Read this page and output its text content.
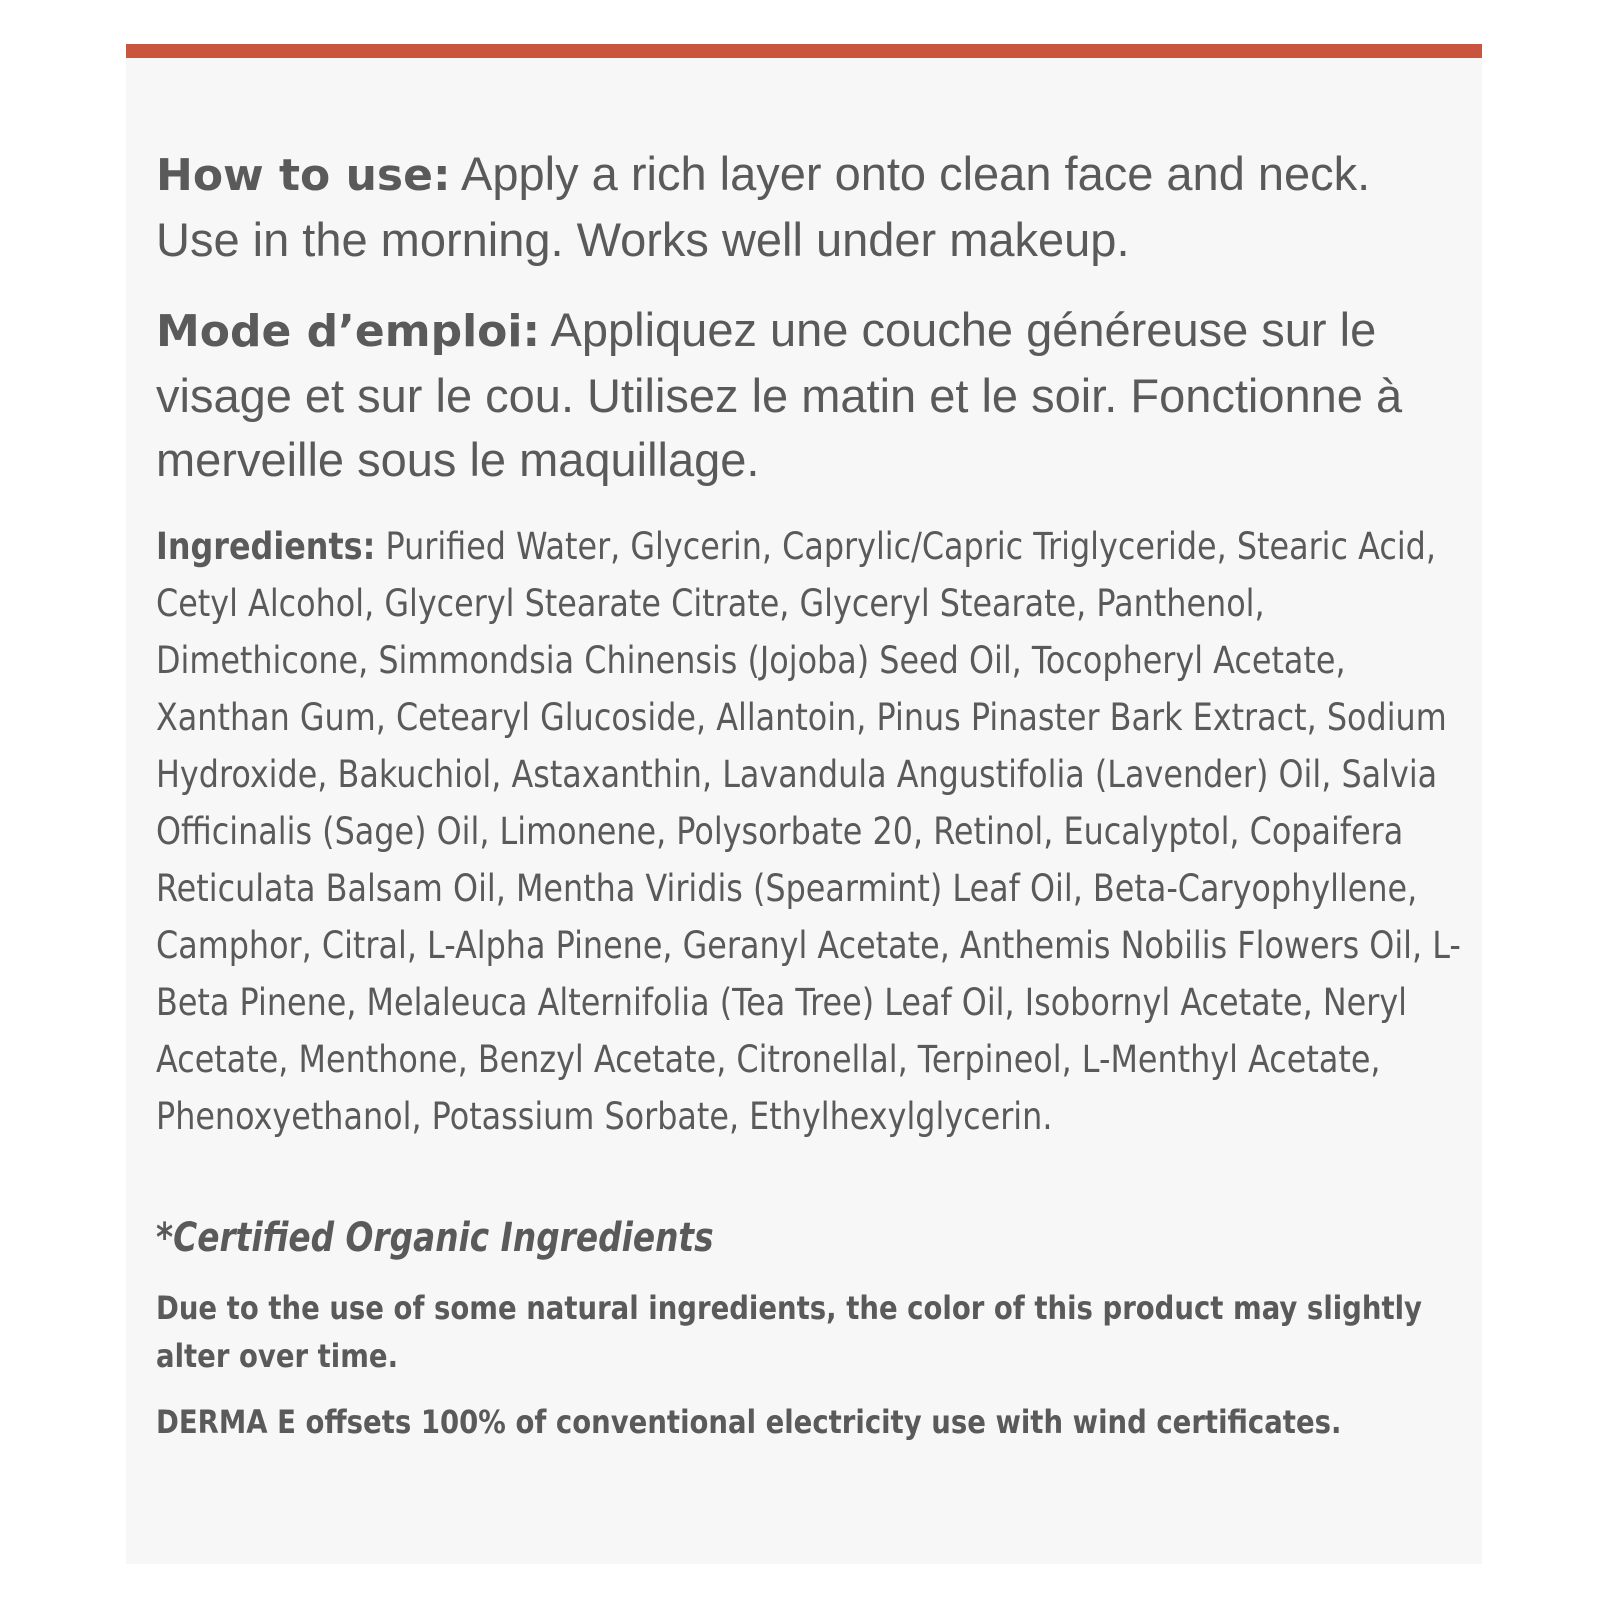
How to use: Apply a rich layer onto clean face and neck. Use in the morning. Works well under makeup.

Mode d’emploi: Appliquez une couche généreuse sur le visage et sur le cou. Utilisez le matin et le soir. Fonctionne à merveille sous le maquillage.

Ingredients: Purified Water, Glycerin, Caprylic/Capric Triglyceride, Stearic Acid, Cetyl Alcohol, Glyceryl Stearate Citrate, Glyceryl Stearate, Panthenol, Dimethicone, Simmondsia Chinensis (Jojoba) Seed Oil, Tocopheryl Acetate, Xanthan Gum, Cetearyl Glucoside, Allantoin, Pinus Pinaster Bark Extract, Sodium Hydroxide, Bakuchiol, Astaxanthin, Lavandula Angustifolia (Lavender) Oil, Salvia Officinalis (Sage) Oil, Limonene, Polysorbate 20, Retinol, Eucalyptol, Copaifera Reticulata Balsam Oil, Mentha Viridis (Spearmint) Leaf Oil, Beta-Caryophyllene, Camphor, Citral, L-Alpha Pinene, Geranyl Acetate, Anthemis Nobilis Flowers Oil, L-Beta Pinene, Melaleuca Alternifolia (Tea Tree) Leaf Oil, Isobornyl Acetate, Neryl Acetate, Menthone, Benzyl Acetate, Citronellal, Terpineol, L-Menthyl Acetate, Phenoxyethanol, Potassium Sorbate, Ethylhexylglycerin.

*Certified Organic Ingredients

Due to the use of some natural ingredients, the color of this product may slightly alter over time.

DERMA E offsets 100% of conventional electricity use with wind certificates.
